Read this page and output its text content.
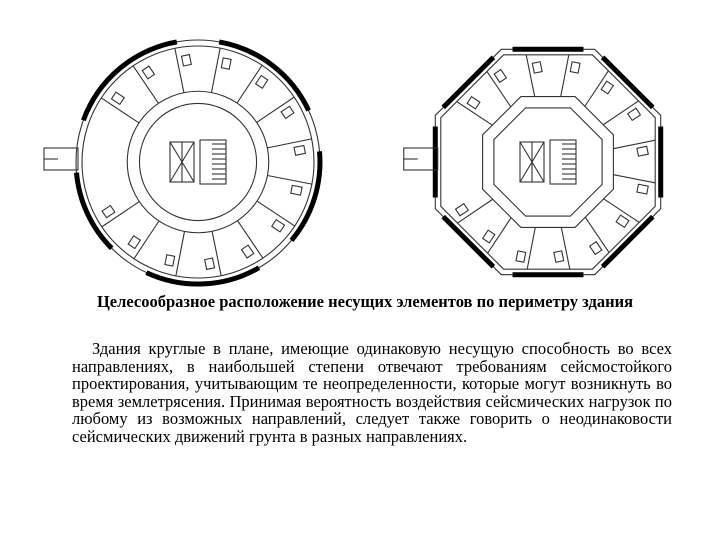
Целесообразное расположение несущих элементов по периметру здания

Здания круглые в плане, имеющие одинаковую несущую способность во всех направлениях, в наибольшей степени отвечают требованиям сейсмостойкого проектирования, учитывающим те неопределенности, которые могут возникнуть во время землетрясения. Принимая вероятность воздействия сейсмических нагрузок по любому из возможных направлений, следует также говорить о неодинаковости сейсмических движений грунта в разных направлениях.
